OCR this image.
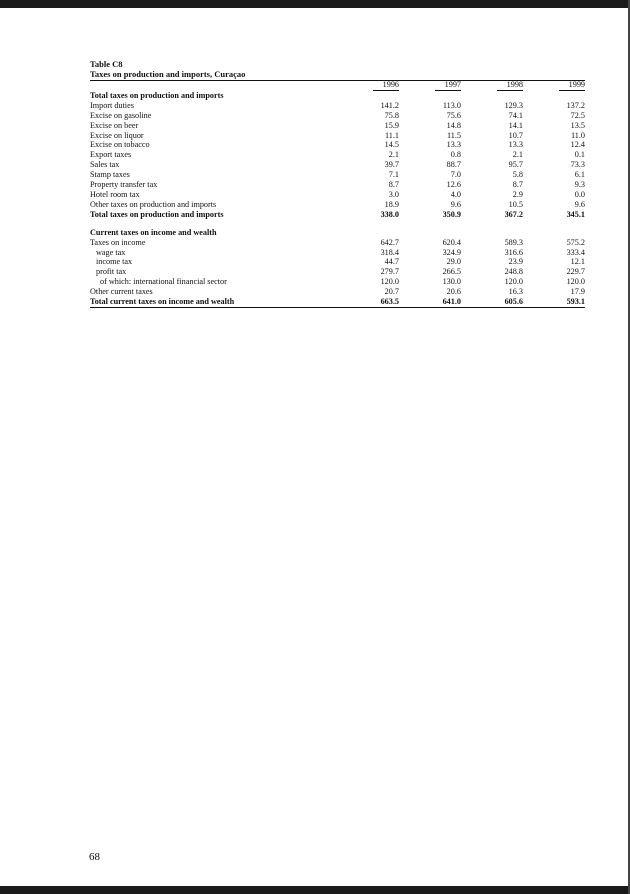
Table C8
Taxes on production and imports, Curaçao
	1996	1997	1998	1999
Total taxes on production and imports				
Import duties	141.2	113.0	129.3	137.2
Excise on gasoline	75.8	75.6	74.1	72.5
Excise on beer	15.9	14.8	14.1	13.5
Excise on liquor	11.1	11.5	10.7	11.0
Excise on tobacco	14.5	13.3	13.3	12.4
Export taxes	2.1	0.8	2.1	0.1
Sales tax	39.7	88.7	95.7	73.3
Stamp taxes	7.1	7.0	5.8	6.1
Property transfer tax	8.7	12.6	8.7	9.3
Hotel room tax	3.0	4.0	2.9	0.0
Other taxes on production and imports	18.9	9.6	10.5	9.6
Total taxes on production and imports	338.0	350.9	367.2	345.1

Current taxes on income and wealth				
Taxes on income	642.7	620.4	589.3	575.2
wage tax	318.4	324.9	316.6	333.4
income tax	44.7	29.0	23.9	12.1
profit tax	279.7	266.5	248.8	229.7
of which: international financial sector	120.0	130.0	120.0	120.0
Other current taxes	20.7	20.6	16.3	17.9
Total current taxes on income and wealth	663.5	641.0	605.6	593.1
68
